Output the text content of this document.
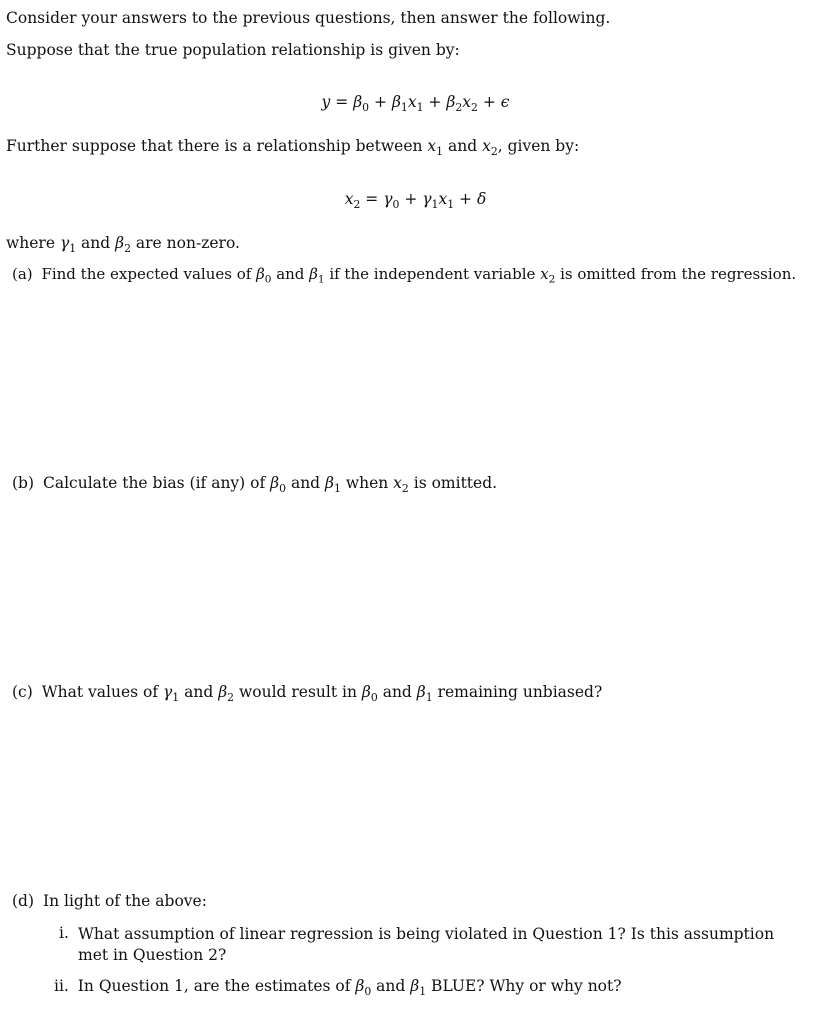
Consider your answers to the previous questions, then answer the following.
Suppose that the true population relationship is given by:
$y = \beta_0 + \beta_1x_1 + \beta_2x_2 + \epsilon$
Further suppose that there is a relationship between $x_1$ and $x_2$, given by:
$x_2 = \gamma_0 + \gamma_1x_1 + \delta$
where $\gamma_1$ and $\beta_2$ are non-zero.
(a) Find the expected values of $\beta_0$ and $\beta_1$ if the independent variable $x_2$ is omitted from the regression.
(b) Calculate the bias (if any) of $\beta_0$ and $\beta_1$ when $x_2$ is omitted.
(c) What values of $\gamma_1$ and $\beta_2$ would result in $\beta_0$ and $\beta_1$ remaining unbiased?
(d) In light of the above:
i. What assumption of linear regression is being violated in Question 1? Is this assumption met in Question 2?
ii. In Question 1, are the estimates of $\beta_0$ and $\beta_1$ BLUE? Why or why not?
